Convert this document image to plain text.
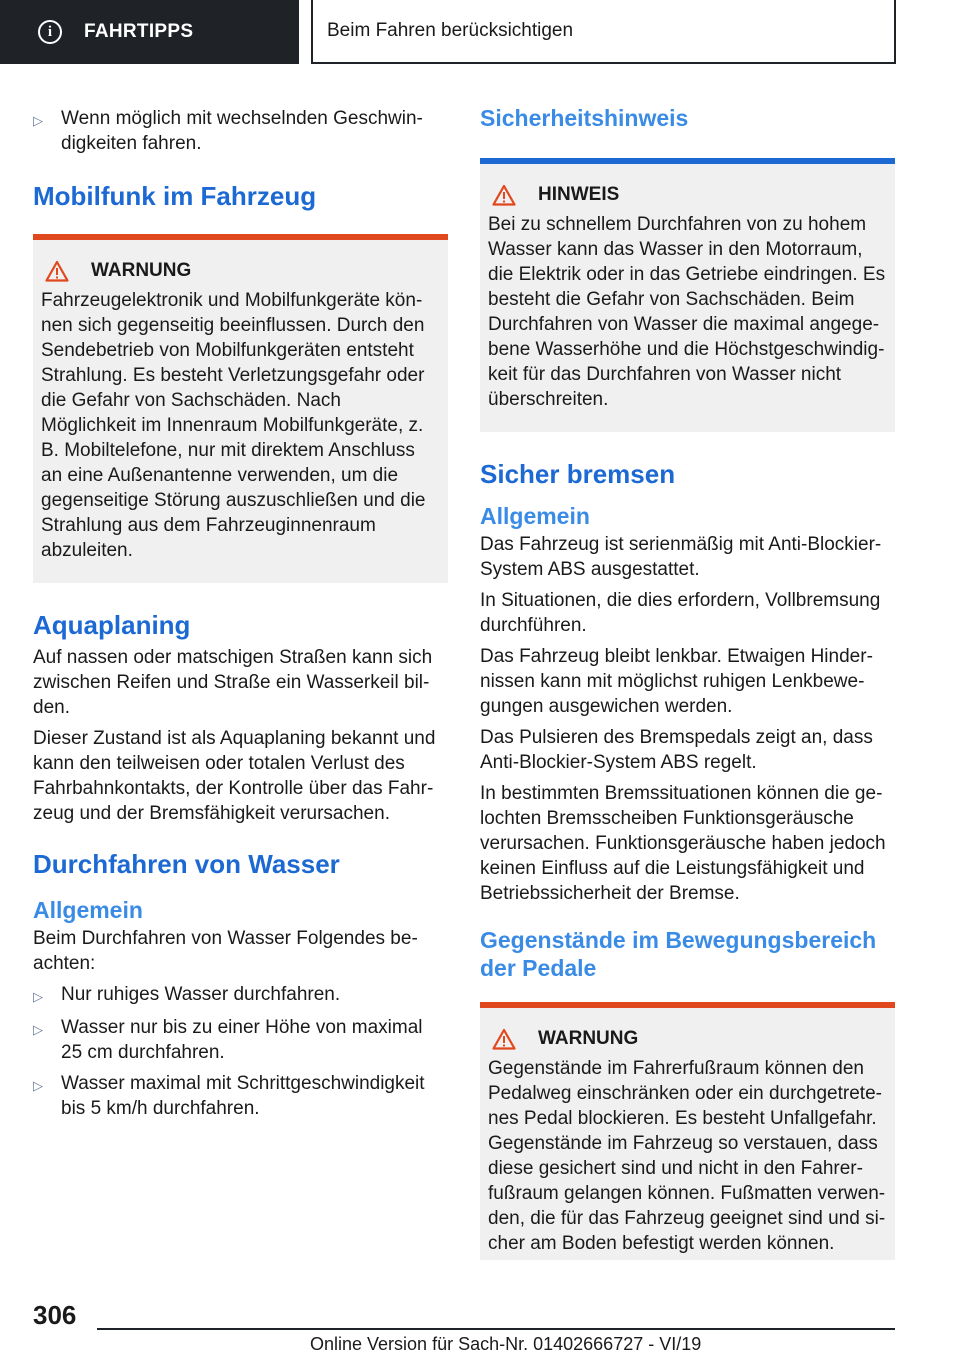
i	FAHRTIPPS	Beim Fahren berücksichtigen
▷ Wenn möglich mit wechselnden Geschwindigkeiten fahren.
Mobilfunk im Fahrzeug
WARNUNG
Fahrzeugelektronik und Mobilfunkgeräte können sich gegenseitig beeinflussen. Durch den Sendebetrieb von Mobilfunkgeräten entsteht Strahlung. Es besteht Verletzungsgefahr oder die Gefahr von Sachschäden. Nach Möglichkeit im Innenraum Mobilfunkgeräte, z. B. Mobiltelefone, nur mit direktem Anschluss an eine Außenantenne verwenden, um die gegenseitige Störung auszuschließen und die Strahlung aus dem Fahrzeuginnenraum abzuleiten.
Aquaplaning

Auf nassen oder matschigen Straßen kann sich zwischen Reifen und Straße ein Wasserkeil bilden.

Dieser Zustand ist als Aquaplaning bekannt und kann den teilweisen oder totalen Verlust des Fahrbahnkontakts, der Kontrolle über das Fahrzeug und der Bremsfähigkeit verursachen.

Durchfahren von Wasser
Allgemein

Beim Durchfahren von Wasser Folgendes beachten:

▷ Nur ruhiges Wasser durchfahren.
▷ Wasser nur bis zu einer Höhe von maximal 25 cm durchfahren.
▷ Wasser maximal mit Schrittgeschwindigkeit bis 5 km/h durchfahren.
Sicherheitshinweis
HINWEIS
Bei zu schnellem Durchfahren von zu hohem Wasser kann das Wasser in den Motorraum, die Elektrik oder in das Getriebe eindringen. Es besteht die Gefahr von Sachschäden. Beim Durchfahren von Wasser die maximal angegebene Wasserhöhe und die Höchstgeschwindigkeit für das Durchfahren von Wasser nicht überschreiten.
Sicher bremsen
Allgemein

Das Fahrzeug ist serienmäßig mit Anti-Blockier-System ABS ausgestattet.

In Situationen, die dies erfordern, Vollbremsung durchführen.

Das Fahrzeug bleibt lenkbar. Etwaigen Hindernissen kann mit möglichst ruhigen Lenkbewegungen ausgewichen werden.

Das Pulsieren des Bremspedals zeigt an, dass Anti-Blockier-System ABS regelt.

In bestimmten Bremssituationen können die gelochten Bremsscheiben Funktionsgeräusche verursachen. Funktionsgeräusche haben jedoch keinen Einfluss auf die Leistungsfähigkeit und Betriebssicherheit der Bremse.

Gegenstände im Bewegungsbereich der Pedale
WARNUNG
Gegenstände im Fahrerfußraum können den Pedalweg einschränken oder ein durchgetretenes Pedal blockieren. Es besteht Unfallgefahr. Gegenstände im Fahrzeug so verstauen, dass diese gesichert sind und nicht in den Fahrerfußraum gelangen können. Fußmatten verwenden, die für das Fahrzeug geeignet sind und sicher am Boden befestigt werden können.
306
Online Version für Sach-Nr. 01402666727 - VI/19
